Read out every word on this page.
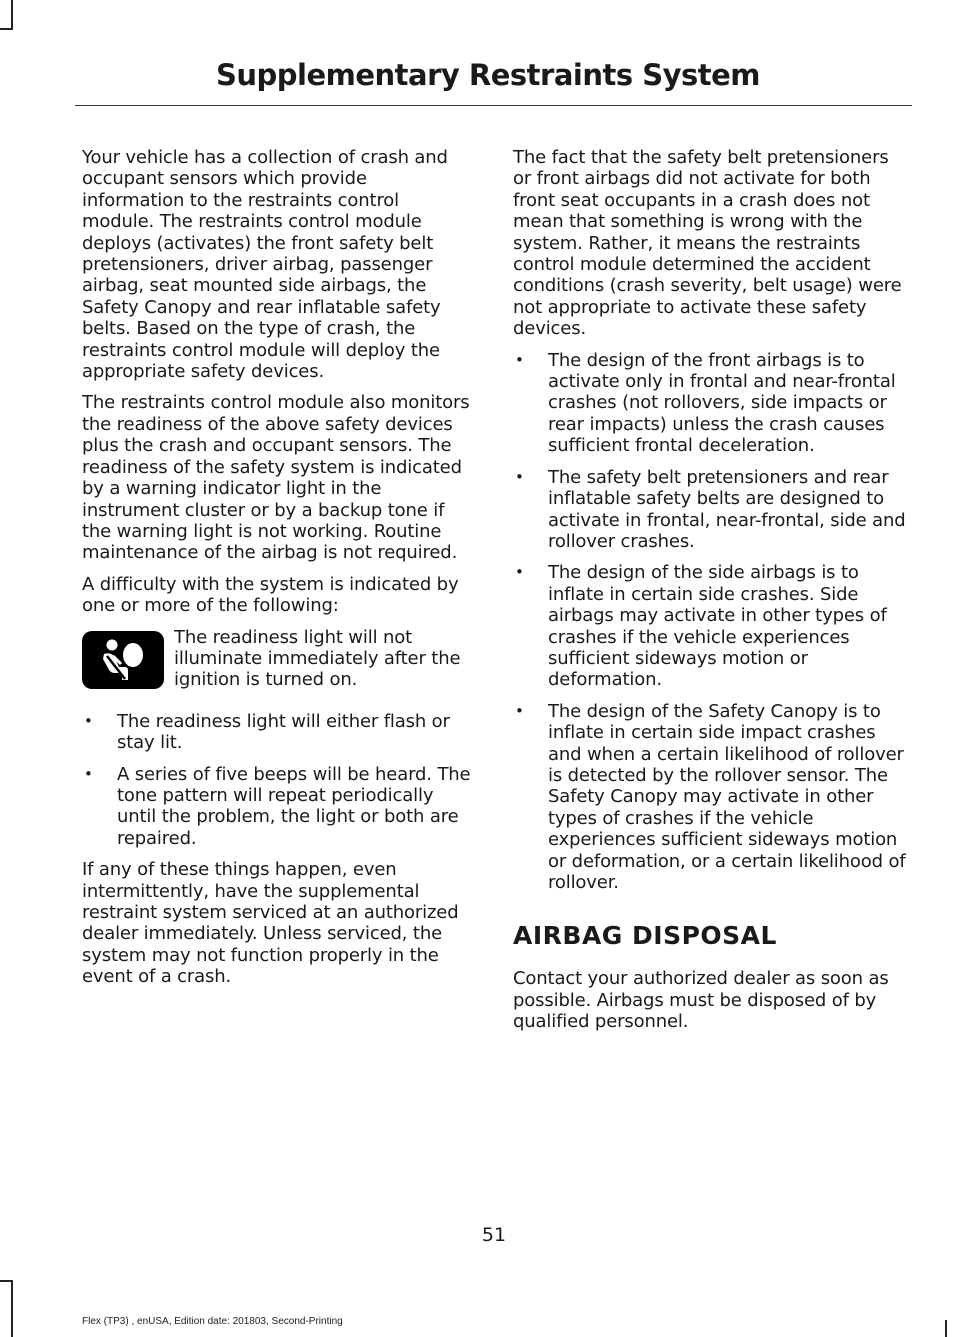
Supplementary Restraints System

Your vehicle has a collection of crash and occupant sensors which provide information to the restraints control module. The restraints control module deploys (activates) the front safety belt pretensioners, driver airbag, passenger airbag, seat mounted side airbags, the Safety Canopy and rear inflatable safety belts. Based on the type of crash, the restraints control module will deploy the appropriate safety devices.

The restraints control module also monitors the readiness of the above safety devices plus the crash and occupant sensors. The readiness of the safety system is indicated by a warning indicator light in the instrument cluster or by a backup tone if the warning light is not working. Routine maintenance of the airbag is not required.

A difficulty with the system is indicated by one or more of the following:

The readiness light will not illuminate immediately after the ignition is turned on.
• The readiness light will either flash or stay lit.
• A series of five beeps will be heard. The tone pattern will repeat periodically until the problem, the light or both are repaired.

If any of these things happen, even intermittently, have the supplemental restraint system serviced at an authorized dealer immediately. Unless serviced, the system may not function properly in the event of a crash.

The fact that the safety belt pretensioners or front airbags did not activate for both front seat occupants in a crash does not mean that something is wrong with the system. Rather, it means the restraints control module determined the accident conditions (crash severity, belt usage) were not appropriate to activate these safety devices.

• The design of the front airbags is to activate only in frontal and near-frontal crashes (not rollovers, side impacts or rear impacts) unless the crash causes sufficient frontal deceleration.
• The safety belt pretensioners and rear inflatable safety belts are designed to activate in frontal, near-frontal, side and rollover crashes.
• The design of the side airbags is to inflate in certain side crashes. Side airbags may activate in other types of crashes if the vehicle experiences sufficient sideways motion or deformation.
• The design of the Safety Canopy is to inflate in certain side impact crashes and when a certain likelihood of rollover is detected by the rollover sensor. The Safety Canopy may activate in other types of crashes if the vehicle experiences sufficient sideways motion or deformation, or a certain likelihood of rollover.
AIRBAG DISPOSAL

Contact your authorized dealer as soon as possible. Airbags must be disposed of by qualified personnel.

51
Flex (TP3) , enUSA, Edition date: 201803, Second-Printing
